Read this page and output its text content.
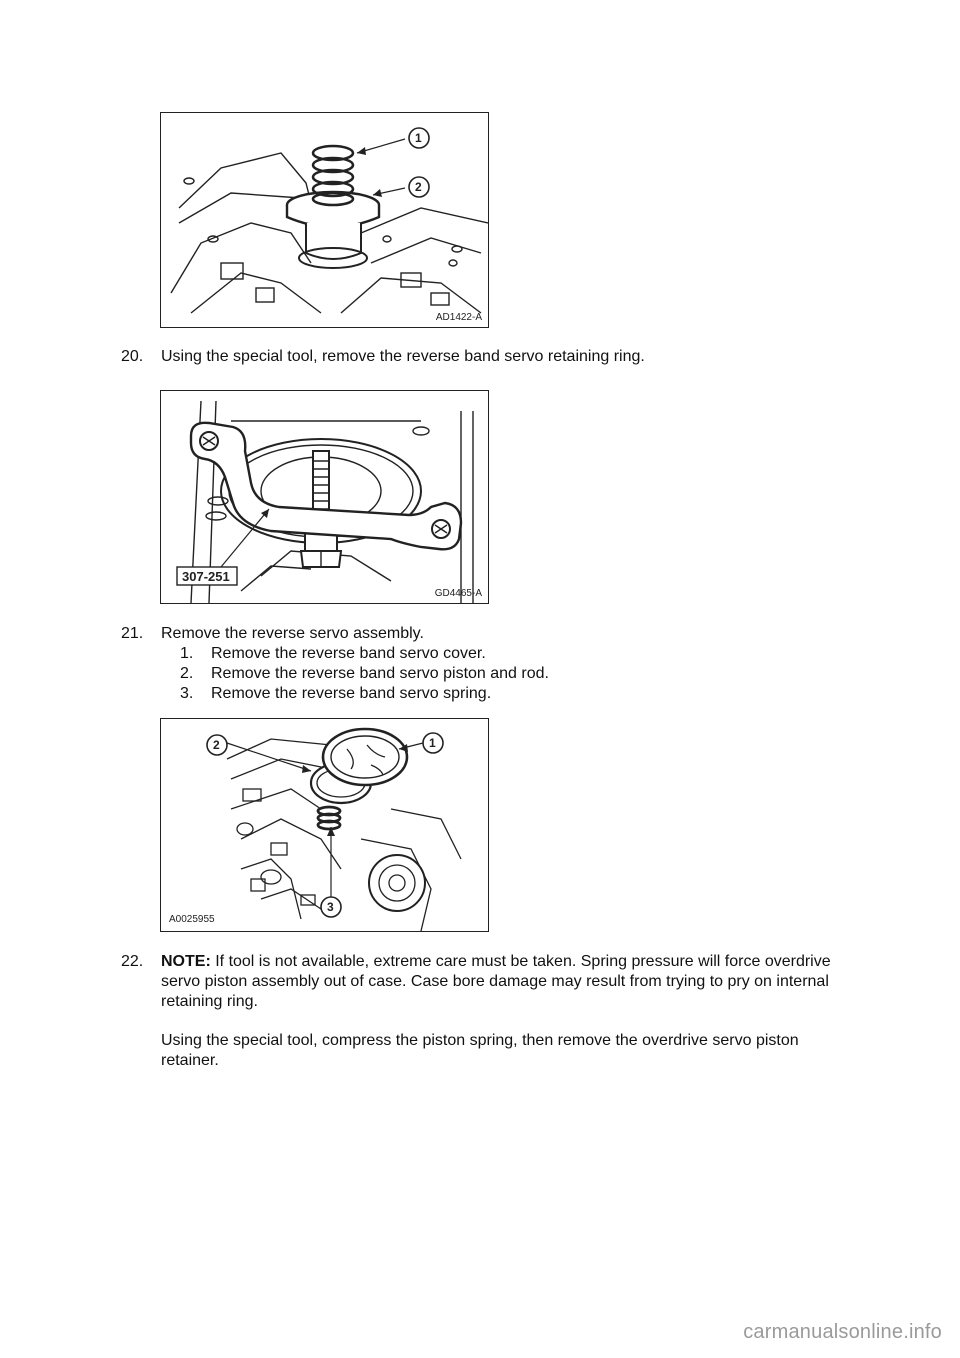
1
2
AD1422-A
20. Using the special tool, remove the reverse band servo retaining ring.
307-251
GD4465-A
21. Remove the reverse servo assembly.
1. Remove the reverse band servo cover.
2. Remove the reverse band servo piston and rod.
3. Remove the reverse band servo spring.
1
2
3
A0025955
22. NOTE: If tool is not available, extreme care must be taken. Spring pressure will force overdrive
servo piston assembly out of case. Case bore damage may result from trying to pry on internal
retaining ring.
Using the special tool, compress the piston spring, then remove the overdrive servo piston
retainer.
carmanualsonline.info
